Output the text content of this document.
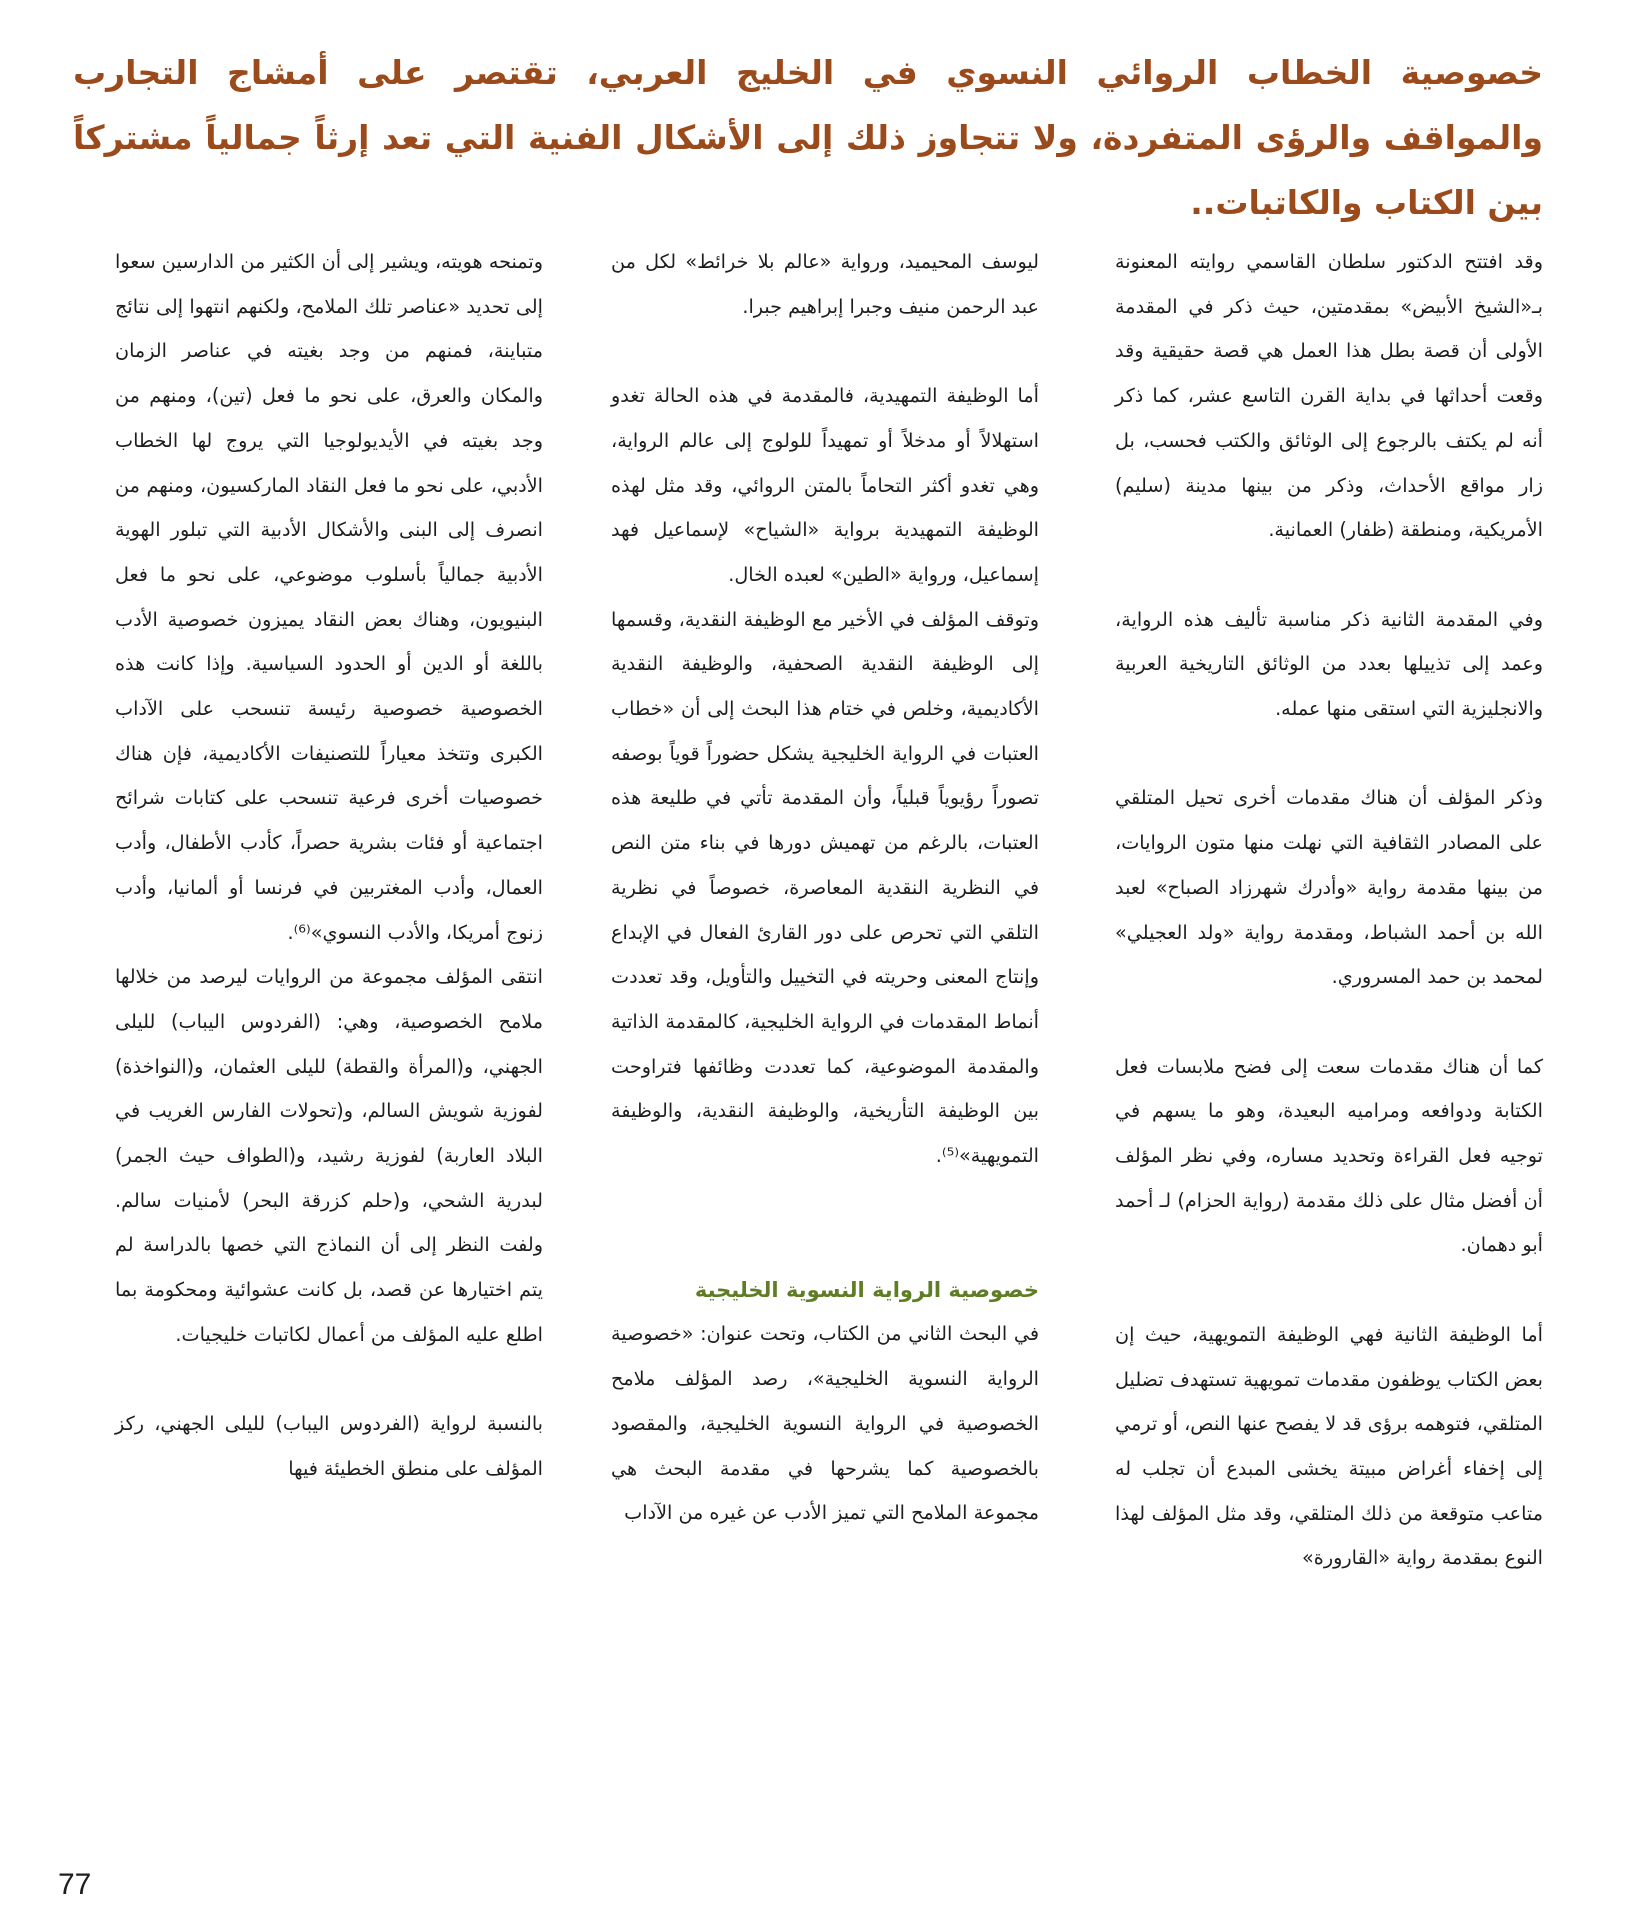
خصوصية الخطاب الروائي النسوي في الخليج العربي، تقتصر على أمشاج التجارب والمواقف والرؤى المتفردة، ولا تتجاوز ذلك إلى الأشكال الفنية التي تعد إرثاً جمالياً مشتركاً بين الكتاب والكاتبات..

وقد افتتح الدكتور سلطان القاسمي روايته المعنونة بـ«الشيخ الأبيض» بمقدمتين، حيث ذكر في المقدمة الأولى أن قصة بطل هذا العمل هي قصة حقيقية وقد وقعت أحداثها في بداية القرن التاسع عشر، كما ذكر أنه لم يكتف بالرجوع إلى الوثائق والكتب فحسب، بل زار مواقع الأحداث، وذكر من بينها مدينة (سليم) الأمريكية، ومنطقة (ظفار) العمانية.

وفي المقدمة الثانية ذكر مناسبة تأليف هذه الرواية، وعمد إلى تذييلها بعدد من الوثائق التاريخية العربية والانجليزية التي استقى منها عمله.

وذكر المؤلف أن هناك مقدمات أخرى تحيل المتلقي على المصادر الثقافية التي نهلت منها متون الروايات، من بينها مقدمة رواية «وأدرك شهرزاد الصباح» لعبد الله بن أحمد الشباط، ومقدمة رواية «ولد العجيلي» لمحمد بن حمد المسروري.

كما أن هناك مقدمات سعت إلى فضح ملابسات فعل الكتابة ودوافعه ومراميه البعيدة، وهو ما يسهم في توجيه فعل القراءة وتحديد مساره، وفي نظر المؤلف أن أفضل مثال على ذلك مقدمة (رواية الحزام) لـ أحمد أبو دهمان.

أما الوظيفة الثانية فهي الوظيفة التمويهية، حيث إن بعض الكتاب يوظفون مقدمات تمويهية تستهدف تضليل المتلقي، فتوهمه برؤى قد لا يفصح عنها النص، أو ترمي إلى إخفاء أغراض مبيتة يخشى المبدع أن تجلب له متاعب متوقعة من ذلك المتلقي، وقد مثل المؤلف لهذا النوع بمقدمة رواية «القارورة»

ليوسف المحيميد، ورواية «عالم بلا خرائط» لكل من عبد الرحمن منيف وجبرا إبراهيم جبرا.

أما الوظيفة التمهيدية، فالمقدمة في هذه الحالة تغدو استهلالاً أو مدخلاً أو تمهيداً للولوج إلى عالم الرواية، وهي تغدو أكثر التحاماً بالمتن الروائي، وقد مثل لهذه الوظيفة التمهيدية برواية «الشياح» لإسماعيل فهد إسماعيل، ورواية «الطين» لعبده الخال.

وتوقف المؤلف في الأخير مع الوظيفة النقدية، وقسمها إلى الوظيفة النقدية الصحفية، والوظيفة النقدية الأكاديمية، وخلص في ختام هذا البحث إلى أن «خطاب العتبات في الرواية الخليجية يشكل حضوراً قوياً بوصفه تصوراً رؤيوياً قبلياً، وأن المقدمة تأتي في طليعة هذه العتبات، بالرغم من تهميش دورها في بناء متن النص في النظرية النقدية المعاصرة، خصوصاً في نظرية التلقي التي تحرص على دور القارئ الفعال في الإبداع وإنتاج المعنى وحريته في التخييل والتأويل، وقد تعددت أنماط المقدمات في الرواية الخليجية، كالمقدمة الذاتية والمقدمة الموضوعية، كما تعددت وظائفها فتراوحت بين الوظيفة التأريخية، والوظيفة النقدية، والوظيفة التمويهية»⁽⁵⁾.

خصوصية الرواية النسوية الخليجية

في البحث الثاني من الكتاب، وتحت عنوان: «خصوصية الرواية النسوية الخليجية»، رصد المؤلف ملامح الخصوصية في الرواية النسوية الخليجية، والمقصود بالخصوصية كما يشرحها في مقدمة البحث هي مجموعة الملامح التي تميز الأدب عن غيره من الآداب

وتمنحه هويته، ويشير إلى أن الكثير من الدارسين سعوا إلى تحديد «عناصر تلك الملامح، ولكنهم انتهوا إلى نتائج متباينة، فمنهم من وجد بغيته في عناصر الزمان والمكان والعرق، على نحو ما فعل (تين)، ومنهم من وجد بغيته في الأيديولوجيا التي يروج لها الخطاب الأدبي، على نحو ما فعل النقاد الماركسيون، ومنهم من انصرف إلى البنى والأشكال الأدبية التي تبلور الهوية الأدبية جمالياً بأسلوب موضوعي، على نحو ما فعل البنيويون، وهناك بعض النقاد يميزون خصوصية الأدب باللغة أو الدين أو الحدود السياسية. وإذا كانت هذه الخصوصية خصوصية رئيسة تنسحب على الآداب الكبرى وتتخذ معياراً للتصنيفات الأكاديمية، فإن هناك خصوصيات أخرى فرعية تنسحب على كتابات شرائح اجتماعية أو فئات بشرية حصراً، كأدب الأطفال، وأدب العمال، وأدب المغتربين في فرنسا أو ألمانيا، وأدب زنوج أمريكا، والأدب النسوي»⁽⁶⁾.

انتقى المؤلف مجموعة من الروايات ليرصد من خلالها ملامح الخصوصية، وهي: (الفردوس اليباب) لليلى الجهني، و(المرأة والقطة) لليلى العثمان، و(النواخذة) لفوزية شويش السالم، و(تحولات الفارس الغريب في البلاد العاربة) لفوزية رشيد، و(الطواف حيث الجمر) لبدرية الشحي، و(حلم كزرقة البحر) لأمنيات سالم. ولفت النظر إلى أن النماذج التي خصها بالدراسة لم يتم اختيارها عن قصد، بل كانت عشوائية ومحكومة بما اطلع عليه المؤلف من أعمال لكاتبات خليجيات.

بالنسبة لرواية (الفردوس اليباب) لليلى الجهني، ركز المؤلف على منطق الخطيئة فيها

77
